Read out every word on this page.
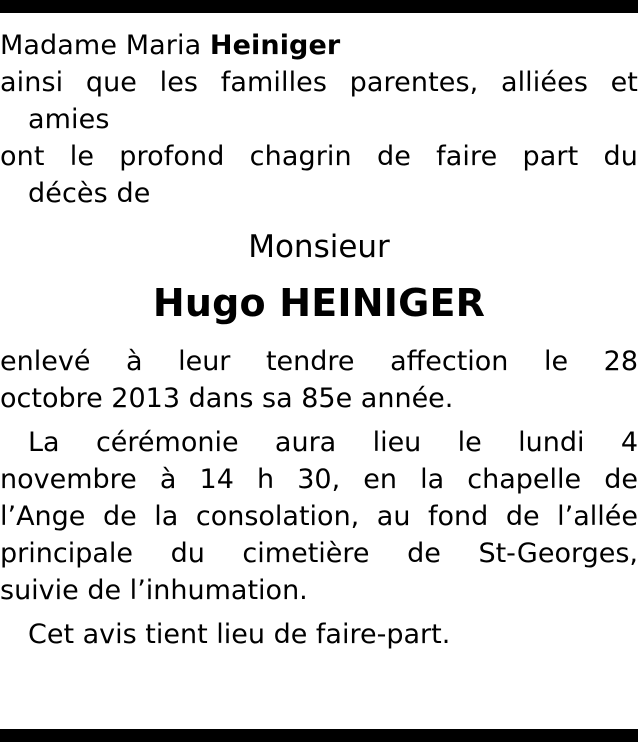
Madame Maria Heiniger
ainsi que les familles parentes, alliées et
amies
ont le profond chagrin de faire part du
décès de
Monsieur
Hugo HEINIGER
enlevé à leur tendre affection le 28
octobre 2013 dans sa 85e année.
La cérémonie aura lieu le lundi 4
novembre à 14 h 30, en la chapelle de
l’Ange de la consolation, au fond de l’allée
principale du cimetière de St-Georges,
suivie de l’inhumation.
Cet avis tient lieu de faire-part.
